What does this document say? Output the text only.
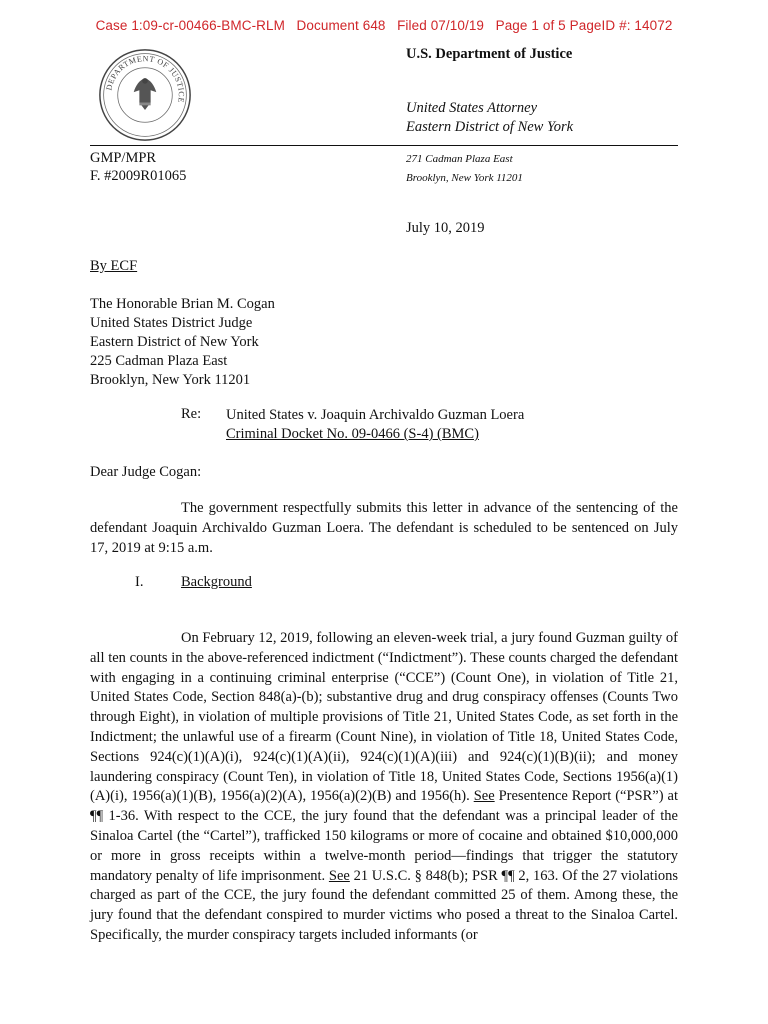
Case 1:09-cr-00466-BMC-RLM   Document 648   Filed 07/10/19   Page 1 of 5 PageID #: 14072
DEPARTMENT OF JUSTICE
U.S. Department of Justice
United States Attorney
Eastern District of New York
GMP/MPR
F. #2009R01065
271 Cadman Plaza East
Brooklyn, New York 11201
July 10, 2019
By ECF
The Honorable Brian M. Cogan
United States District Judge
Eastern District of New York
225 Cadman Plaza East
Brooklyn, New York 11201
Re: United States v. Joaquin Archivaldo Guzman Loera
Criminal Docket No. 09-0466 (S-4) (BMC)
Dear Judge Cogan:

The government respectfully submits this letter in advance of the sentencing of the defendant Joaquin Archivaldo Guzman Loera. The defendant is scheduled to be sentenced on July 17, 2019 at 9:15 a.m.

I.	Background

On February 12, 2019, following an eleven-week trial, a jury found Guzman guilty of all ten counts in the above-referenced indictment (“Indictment”). These counts charged the defendant with engaging in a continuing criminal enterprise (“CCE”) (Count One), in violation of Title 21, United States Code, Section 848(a)-(b); substantive drug and drug conspiracy offenses (Counts Two through Eight), in violation of multiple provisions of Title 21, United States Code, as set forth in the Indictment; the unlawful use of a firearm (Count Nine), in violation of Title 18, United States Code, Sections 924(c)(1)(A)(i), 924(c)(1)(A)(ii), 924(c)(1)(A)(iii) and 924(c)(1)(B)(ii); and money laundering conspiracy (Count Ten), in violation of Title 18, United States Code, Sections 1956(a)(1)(A)(i), 1956(a)(1)(B), 1956(a)(2)(A), 1956(a)(2)(B) and 1956(h). See Presentence Report (“PSR”) at ¶¶ 1-36. With respect to the CCE, the jury found that the defendant was a principal leader of the Sinaloa Cartel (the “Cartel”), trafficked 150 kilograms or more of cocaine and obtained $10,000,000 or more in gross receipts within a twelve-month period—findings that trigger the statutory mandatory penalty of life imprisonment. See 21 U.S.C. § 848(b); PSR ¶¶ 2, 163. Of the 27 violations charged as part of the CCE, the jury found the defendant committed 25 of them. Among these, the jury found that the defendant conspired to murder victims who posed a threat to the Sinaloa Cartel. Specifically, the murder conspiracy targets included informants (or
